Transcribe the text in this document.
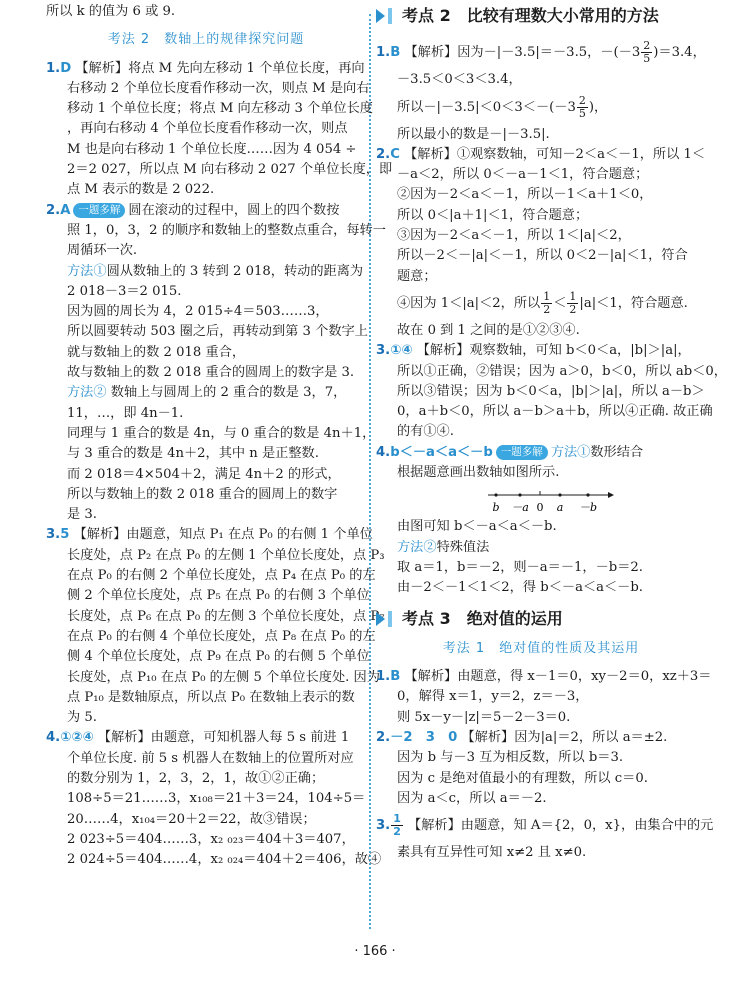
所以 k 的值为 6 或 9.
考法 2　数轴上的规律探究问题
1.D 【解析】将点 M 先向左移动 1 个单位长度，再向
右移动 2 个单位长度看作移动一次，则点 M 是向右
移动 1 个单位长度；将点 M 向左移动 3 个单位长度
，再向右移动 4 个单位长度看作移动一次，则点
M 也是向右移动 1 个单位长度……因为 4 054 ÷
2＝2 027，所以点 M 向右移动 2 027 个单位长度，即
点 M 表示的数是 2 022.
2.A 一题多解 圆在滚动的过程中，圆上的四个数按
照 1，0，3，2 的顺序和数轴上的整数点重合，每转一
周循环一次.
方法①圆从数轴上的 3 转到 2 018，转动的距离为
2 018－3＝2 015.
因为圆的周长为 4，2 015÷4＝503……3，
所以圆要转动 503 圈之后，再转动到第 3 个数字上
就与数轴上的数 2 018 重合，
故与数轴上的数 2 018 重合的圆周上的数字是 3.
方法② 数轴上与圆周上的 2 重合的数是 3，7，
11，…，即 4n－1.
同理与 1 重合的数是 4n，与 0 重合的数是 4n＋1，
与 3 重合的数是 4n＋2，其中 n 是正整数.
而 2 018＝4×504＋2，满足 4n＋2 的形式，
所以与数轴上的数 2 018 重合的圆周上的数字
是 3.
3.5 【解析】由题意，知点 P₁ 在点 P₀ 的右侧 1 个单位
长度处，点 P₂ 在点 P₀ 的左侧 1 个单位长度处，点 P₃
在点 P₀ 的右侧 2 个单位长度处，点 P₄ 在点 P₀ 的左
侧 2 个单位长度处，点 P₅ 在点 P₀ 的右侧 3 个单位
长度处，点 P₆ 在点 P₀ 的左侧 3 个单位长度处，点 P₇
在点 P₀ 的右侧 4 个单位长度处，点 P₈ 在点 P₀ 的左
侧 4 个单位长度处，点 P₉ 在点 P₀ 的右侧 5 个单位
长度处，点 P₁₀ 在点 P₀ 的左侧 5 个单位长度处. 因为
点 P₁₀ 是数轴原点，所以点 P₀ 在数轴上表示的数
为 5.
4.①②④ 【解析】由题意，可知机器人每 5 s 前进 1
个单位长度. 前 5 s 机器人在数轴上的位置所对应
的数分别为 1，2，3，2，1，故①②正确；
108÷5＝21……3，x₁₀₈＝21＋3＝24，104÷5＝
20……4，x₁₀₄＝20＋2＝22，故③错误；
2 023÷5＝404……3，x₂ ₀₂₃＝404＋3＝407，
2 024÷5＝404……4，x₂ ₀₂₄＝404＋2＝406，故④
考点 2　比较有理数大小常用的方法
1.B 【解析】因为－|－3.5|＝－3.5，$-(-3 \frac{2}{5} )=3.4$，
－3.5＜0＜3＜3.4，
所以$-|-3.5|<0<3<-(-3 \frac{2}{5}$ )，
所以最小的数是－|－3.5|.
2.C 【解析】①观察数轴，可知－2＜a＜－1，所以 1＜
－a＜2，所以 0＜－a－1＜1，符合题意；
②因为－2＜a＜－1，所以－1＜a＋1＜0，
所以 0＜|a＋1|＜1，符合题意；
③因为－2＜a＜－1，所以 1＜|a|＜2，
所以－2＜－|a|＜－1，所以 0＜2－|a|＜1，符合
题意；
④因为 1＜|a|＜2，所以 $\frac{1}{2} < \frac{1}{2} |a|<1$，符合题意.
故在 0 到 1 之间的是①②③④.
3.①④ 【解析】观察数轴，可知 b＜0＜a，|b|＞|a|，
所以①正确，②错误；因为 a＞0，b＜0，所以 ab＜0，
所以③错误；因为 b＜0＜a，|b|＞|a|，所以 a－b＞
0，a＋b＜0，所以 a－b＞a＋b，所以④正确. 故正确
的有①④.
4.b＜－a＜a＜－b 一题多解 方法①数形结合
根据题意画出数轴如图所示.
b －a 0 a －b
由图可知 b＜－a＜a＜－b.
方法②特殊值法
取 a＝1，b＝－2，则－a＝－1，－b＝2.
由－2＜－1＜1＜2，得 b＜－a＜a＜－b.
考点 3　绝对值的运用
考法 1　绝对值的性质及其运用
1.B 【解析】由题意，得 x－1＝0，xy－2＝0，xz＋3＝
0，解得 x＝1，y＝2，z＝－3，
则 5x－y－|z|＝5－2－3＝0.
2.－2　3　0 【解析】因为|a|＝2，所以 a＝±2.
因为 b 与－3 互为相反数，所以 b＝3.
因为 c 是绝对值最小的有理数，所以 c＝0.
因为 a＜c，所以 a＝－2.
3. $\frac{1}{2}$ 【解析】由题意，知 A＝{2，0，x}，由集合中的元
素具有互异性可知 x≠2 且 x≠0.
· 166 ·
